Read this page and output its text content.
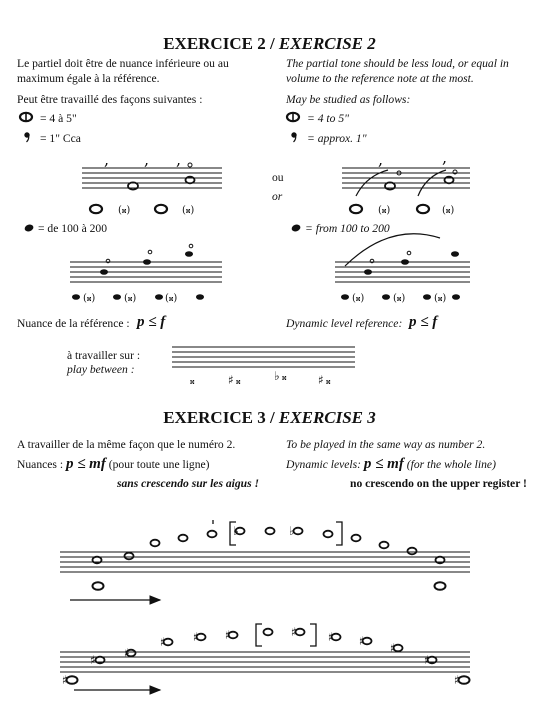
EXERCICE 2 / EXERCISE 2
Le partiel doit être de nuance inférieure ou au
maximum égale à la référence.
The partial tone should be less loud, or equal in
volume to the reference note at the most.
Peut être travaillé des façons suivantes :	May be studied as follows:
= 4 à 5"	= 4 to 5"
= 1" Cca	= approx. 1"
ou
or
= de 100 à 200	= from 100 to 200
Nuance de la référence : p ≤ f	Dynamic level reference: p ≤ f
à travailler sur :
play between :
EXERCICE 3 / EXERCISE 3
A travailler de la même façon que le numéro 2.	To be played in the same way as number 2.
Nuances : p ≤ mf (pour toute une ligne)	Dynamic levels: p ≤ mf (for the whole line)
sans crescendo sur les aigus !	no crescendo on the upper register !
, , ,
(𝄪)	(𝄪)
,	,
(𝄪)	(𝄪)
(𝄪)	(𝄪)	(𝄪)	(𝄪)	(𝄪)	(𝄪)
𝄪	♯ 𝄪	♭ 𝄪	♯ 𝄪
♭	♭
♯ ♯
♯ ♯ ♯	♯	♯ ♯ ♯
♯
♯	♯
